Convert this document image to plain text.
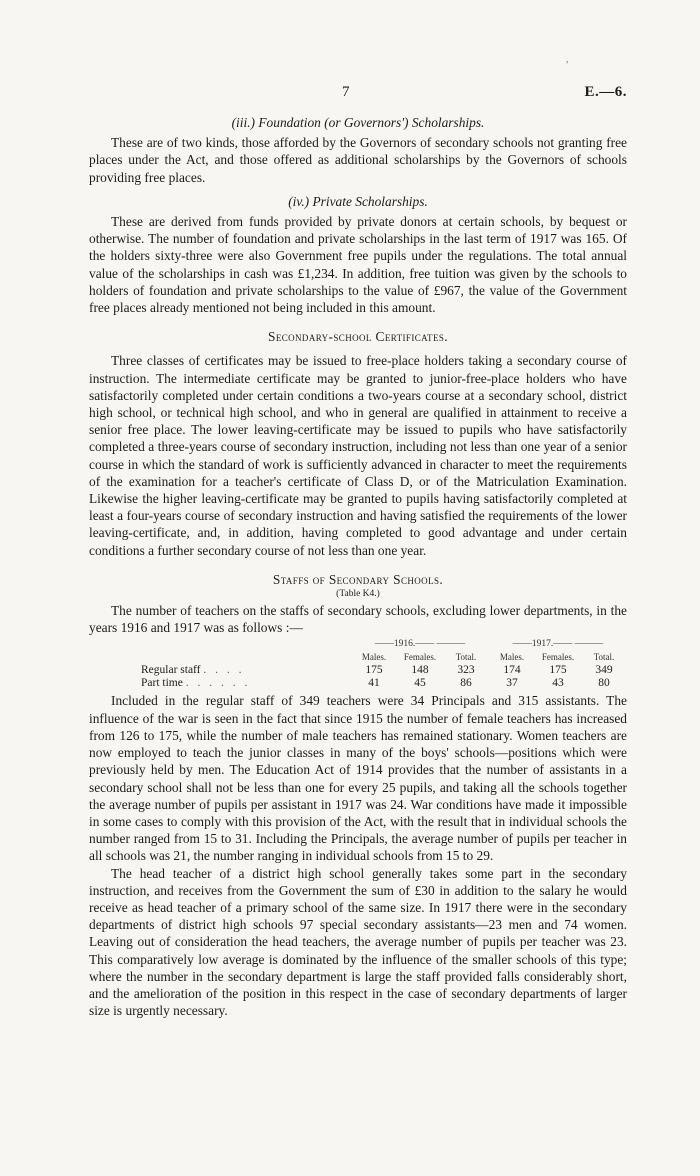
,
7	E.—6.
(iii.) Foundation (or Governors') Scholarships.

These are of two kinds, those afforded by the Governors of secondary schools not granting free places under the Act, and those offered as additional scholarships by the Governors of schools providing free places.

(iv.) Private Scholarships.

These are derived from funds provided by private donors at certain schools, by bequest or otherwise. The number of foundation and private scholarships in the last term of 1917 was 165. Of the holders sixty-three were also Government free pupils under the regulations. The total annual value of the scholarships in cash was £1,234. In addition, free tuition was given by the schools to holders of foundation and private scholarships to the value of £967, the value of the Government free places already mentioned not being included in this amount.

Secondary-school Certificates.

Three classes of certificates may be issued to free-place holders taking a secondary course of instruction. The intermediate certificate may be granted to junior-free-place holders who have satisfactorily completed under certain conditions a two-years course at a secondary school, district high school, or technical high school, and who in general are qualified in attainment to receive a senior free place. The lower leaving-certificate may be issued to pupils who have satisfactorily completed a three-years course of secondary instruction, including not less than one year of a senior course in which the standard of work is sufficiently advanced in character to meet the requirements of the examination for a teacher's certificate of Class D, or of the Matriculation Examination. Likewise the higher leaving-certificate may be granted to pupils having satisfactorily completed at least a four-years course of secondary instruction and having satisfied the requirements of the lower leaving-certificate, and, in addition, having completed to good advantage and under certain conditions a further secondary course of not less than one year.

Staffs of Secondary Schools.
(Table K4.)

The number of teachers on the staffs of secondary schools, excluding lower departments, in the years 1916 and 1917 was as follows :—

	——1916.—— ———			——1917.—— ———		
	Males.	Females.	Total.	Males.	Females.	Total.
Regular staff . . . .	175	148	323	174	175	349
Part time . . . . . .	41	45	86	37	43	80

Included in the regular staff of 349 teachers were 34 Principals and 315 assistants. The influence of the war is seen in the fact that since 1915 the number of female teachers has increased from 126 to 175, while the number of male teachers has remained stationary. Women teachers are now employed to teach the junior classes in many of the boys' schools—positions which were previously held by men. The Education Act of 1914 provides that the number of assistants in a secondary school shall not be less than one for every 25 pupils, and taking all the schools together the average number of pupils per assistant in 1917 was 24. War conditions have made it impossible in some cases to comply with this provision of the Act, with the result that in individual schools the number ranged from 15 to 31. Including the Principals, the average number of pupils per teacher in all schools was 21, the number ranging in individual schools from 15 to 29.

The head teacher of a district high school generally takes some part in the secondary instruction, and receives from the Government the sum of £30 in addition to the salary he would receive as head teacher of a primary school of the same size. In 1917 there were in the secondary departments of district high schools 97 special secondary assistants—23 men and 74 women. Leaving out of consideration the head teachers, the average number of pupils per teacher was 23. This comparatively low average is dominated by the influence of the smaller schools of this type; where the number in the secondary department is large the staff provided falls considerably short, and the amelioration of the position in this respect in the case of secondary departments of larger size is urgently necessary.
